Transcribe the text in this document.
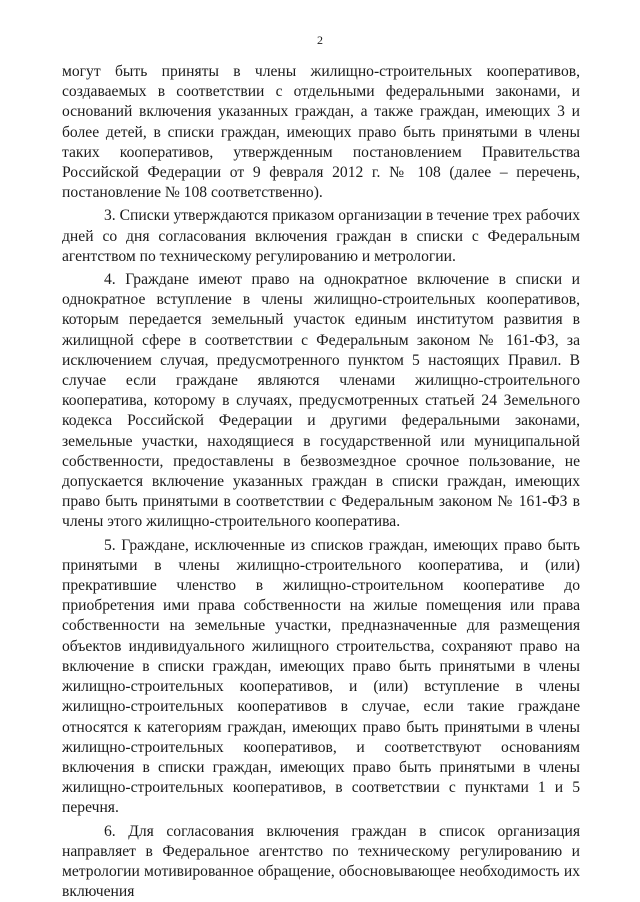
2

могут быть приняты в члены жилищно-строительных кооперативов, создаваемых в соответствии с отдельными федеральными законами, и оснований включения указанных граждан, а также граждан, имеющих 3 и более детей, в списки граждан, имеющих право быть принятыми в члены таких кооперативов, утвержденным постановлением Правительства Российской Федерации от 9 февраля 2012 г. № 108 (далее – перечень, постановление № 108 соответственно).

3. Списки утверждаются приказом организации в течение трех рабочих дней со дня согласования включения граждан в списки с Федеральным агентством по техническому регулированию и метрологии.

4. Граждане имеют право на однократное включение в списки и однократное вступление в члены жилищно-строительных кооперативов, которым передается земельный участок единым институтом развития в жилищной сфере в соответствии с Федеральным законом № 161-ФЗ, за исключением случая, предусмотренного пунктом 5 настоящих Правил. В случае если граждане являются членами жилищно-строительного кооператива, которому в случаях, предусмотренных статьей 24 Земельного кодекса Российской Федерации и другими федеральными законами, земельные участки, находящиеся в государственной или муниципальной собственности, предоставлены в безвозмездное срочное пользование, не допускается включение указанных граждан в списки граждан, имеющих право быть принятыми в соответствии с Федеральным законом № 161-ФЗ в члены этого жилищно-строительного кооператива.

5. Граждане, исключенные из списков граждан, имеющих право быть принятыми в члены жилищно-строительного кооператива, и (или) прекратившие членство в жилищно-строительном кооперативе до приобретения ими права собственности на жилые помещения или права собственности на земельные участки, предназначенные для размещения объектов индивидуального жилищного строительства, сохраняют право на включение в списки граждан, имеющих право быть принятыми в члены жилищно-строительных кооперативов, и (или) вступление в члены жилищно-строительных кооперативов в случае, если такие граждане относятся к категориям граждан, имеющих право быть принятыми в члены жилищно-строительных кооперативов, и соответствуют основаниям включения в списки граждан, имеющих право быть принятыми в члены жилищно-строительных кооперативов, в соответствии с пунктами 1 и 5 перечня.

6. Для согласования включения граждан в список организация направляет в Федеральное агентство по техническому регулированию и метрологии мотивированное обращение, обосновывающее необходимость их включения
